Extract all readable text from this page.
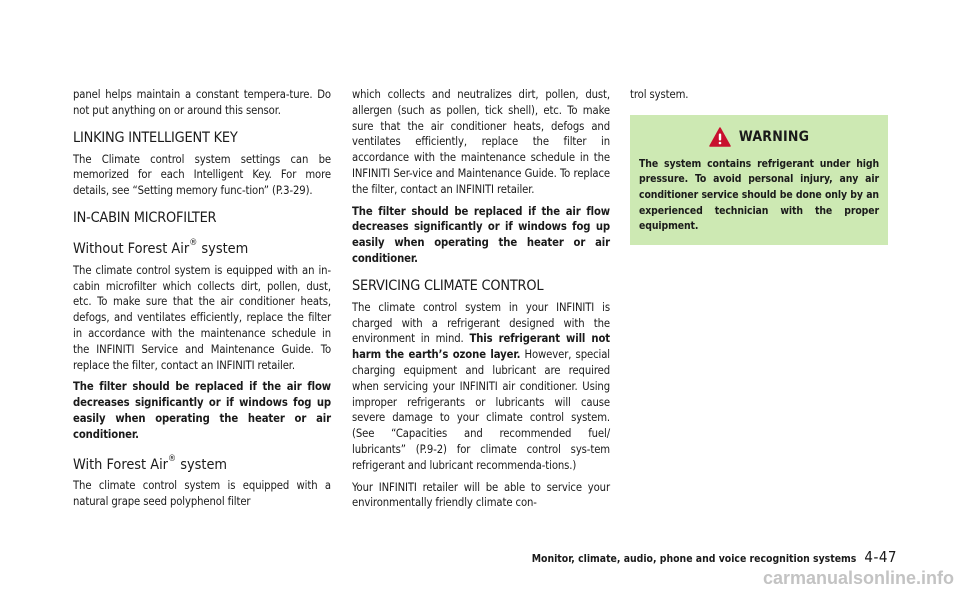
panel helps maintain a constant tempera-ture. Do not put anything on or around this sensor.

LINKING INTELLIGENT KEY

The Climate control system settings can be memorized for each Intelligent Key. For more details, see “Setting memory func-tion” (P.3-29).

IN-CABIN MICROFILTER
Without Forest Air® system

The climate control system is equipped with an in-cabin microfilter which collects dirt, pollen, dust, etc. To make sure that the air conditioner heats, defogs, and ventilates efficiently, replace the filter in accordance with the maintenance schedule in the INFINITI Service and Maintenance Guide. To replace the filter, contact an INFINITI retailer.

The filter should be replaced if the air flow decreases significantly or if windows fog up easily when operating the heater or air conditioner.

With Forest Air® system

The climate control system is equipped with a natural grape seed polyphenol filter

which collects and neutralizes dirt, pollen, dust, allergen (such as pollen, tick shell), etc. To make sure that the air conditioner heats, defogs and ventilates efficiently, replace the filter in accordance with the maintenance schedule in the INFINITI Ser-vice and Maintenance Guide. To replace the filter, contact an INFINITI retailer.

The filter should be replaced if the air flow decreases significantly or if windows fog up easily when operating the heater or air conditioner.

SERVICING CLIMATE CONTROL

The climate control system in your INFINITI is charged with a refrigerant designed with the environment in mind. This refrigerant will not harm the earth’s ozone layer. However, special charging equipment and lubricant are required when servicing your INFINITI air conditioner. Using improper refrigerants or lubricants will cause severe damage to your climate control system. (See “Capacities and recommended fuel/ lubricants” (P.9-2) for climate control sys-tem refrigerant and lubricant recommenda-tions.)

Your INFINITI retailer will be able to service your environmentally friendly climate con-

trol system.

WARNING

The system contains refrigerant under high pressure. To avoid personal injury, any air conditioner service should be done only by an experienced technician with the proper equipment.

Monitor, climate, audio, phone and voice recognition systems 4-47
carmanualsonline.info
